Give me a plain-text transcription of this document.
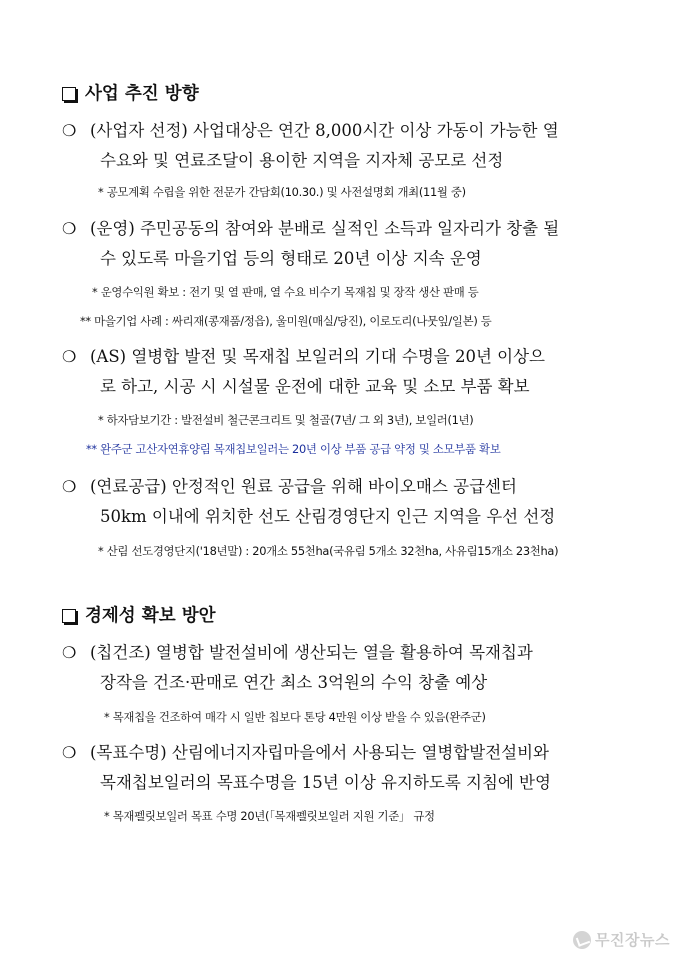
사업 추진 방향
❍ (사업자 선정) 사업대상은 연간 8,000시간 이상 가동이 가능한 열
수요와 및 연료조달이 용이한 지역을 지자체 공모로 선정
* 공모계획 수립을 위한 전문가 간담회(10.30.) 및 사전설명회 개최(11월 중)
❍ (운영) 주민공동의 참여와 분배로 실적인 소득과 일자리가 창출 될
수 있도록 마을기업 등의 형태로 20년 이상 지속 운영
* 운영수익원 확보 : 전기 및 열 판매, 열 수요 비수기 목재칩 및 장작 생산 판매 등
** 마을기업 사례 : 싸리재(콩재품/정읍), 울미원(매실/당진), 이로도리(나뭇잎/일본) 등
❍ (AS) 열병합 발전 및 목재칩 보일러의 기대 수명을 20년 이상으
로 하고, 시공 시 시설물 운전에 대한 교육 및 소모 부품 확보
* 하자담보기간 : 발전설비 철근콘크리트 및 철골(7년/ 그 외 3년), 보일러(1년)
** 완주군 고산자연휴양림 목재칩보일러는 20년 이상 부품 공급 약정 및 소모부품 확보
❍ (연료공급) 안정적인 원료 공급을 위해 바이오매스 공급센터
50km 이내에 위치한 선도 산림경영단지 인근 지역을 우선 선정
* 산림 선도경영단지('18년말) : 20개소 55천ha(국유림 5개소 32천ha, 사유림15개소 23천ha)
경제성 확보 방안
❍ (칩건조) 열병합 발전설비에 생산되는 열을 활용하여 목재칩과
장작을 건조·판매로 연간 최소 3억원의 수익 창출 예상
* 목재칩을 건조하여 매각 시 일반 칩보다 톤당 4만원 이상 받을 수 있음(완주군)
❍ (목표수명) 산림에너지자립마을에서 사용되는 열병합발전설비와
목재칩보일러의 목표수명을 15년 이상 유지하도록 지침에 반영
* 목재펠릿보일러 목표 수명 20년(「목재펠릿보일러 지원 기준」 규정
무진장뉴스
